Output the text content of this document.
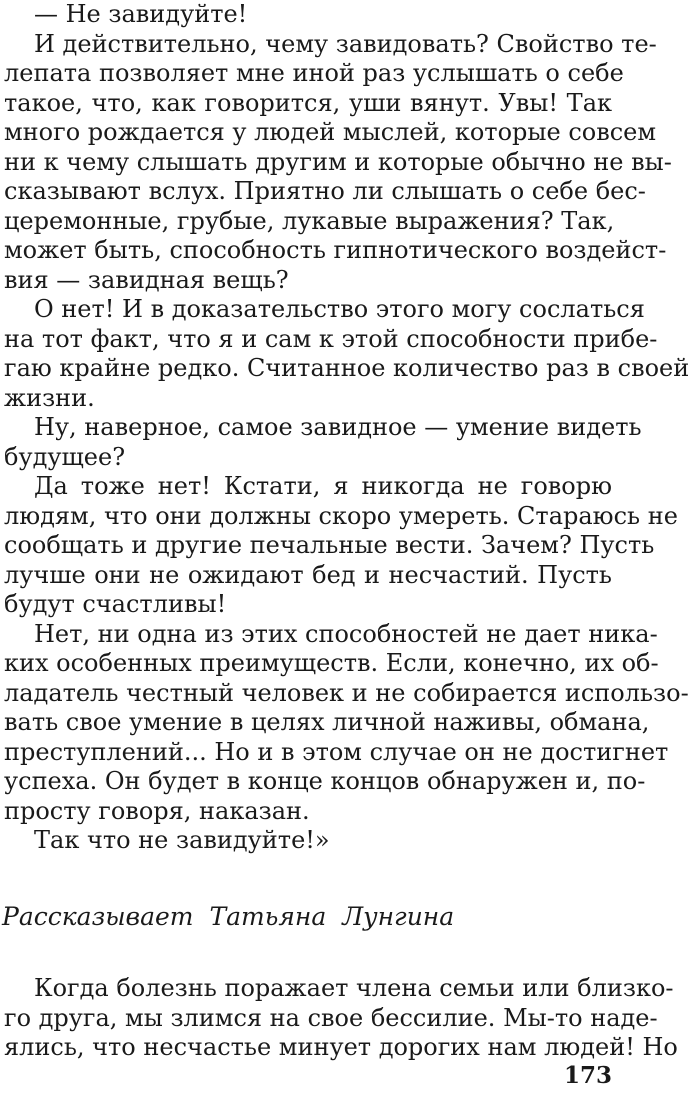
— Не завидуйте!
И действительно, чему завидовать? Свойство те-
лепата позволяет мне иной раз услышать о себе
такое, что, как говорится, уши вянут. Увы! Так
много рождается у людей мыслей, которые совсем
ни к чему слышать другим и которые обычно не вы-
сказывают вслух. Приятно ли слышать о себе бес-
церемонные, грубые, лукавые выражения? Так,
может быть, способность гипнотического воздейст-
вия — завидная вещь?
О нет! И в доказательство этого могу сослаться
на тот факт, что я и сам к этой способности прибе-
гаю крайне редко. Считанное количество раз в своей
жизни.
Ну, наверное, самое завидное — умение видеть
будущее?
Да тоже нет! Кстати, я никогда не говорю
людям, что они должны скоро умереть. Стараюсь не
сообщать и другие печальные вести. Зачем? Пусть
лучше они не ожидают бед и несчастий. Пусть
будут счастливы!
Нет, ни одна из этих способностей не дает ника-
ких особенных преимуществ. Если, конечно, их об-
ладатель честный человек и не собирается использо-
вать свое умение в целях личной наживы, обмана,
преступлений... Но и в этом случае он не достигнет
успеха. Он будет в конце концов обнаружен и, по-
просту говоря, наказан.
Так что не завидуйте!»
Рассказывает Татьяна Лунгина
Когда болезнь поражает члена семьи или близко-
го друга, мы злимся на свое бессилие. Мы-то наде-
ялись, что несчастье минует дорогих нам людей! Но
173
